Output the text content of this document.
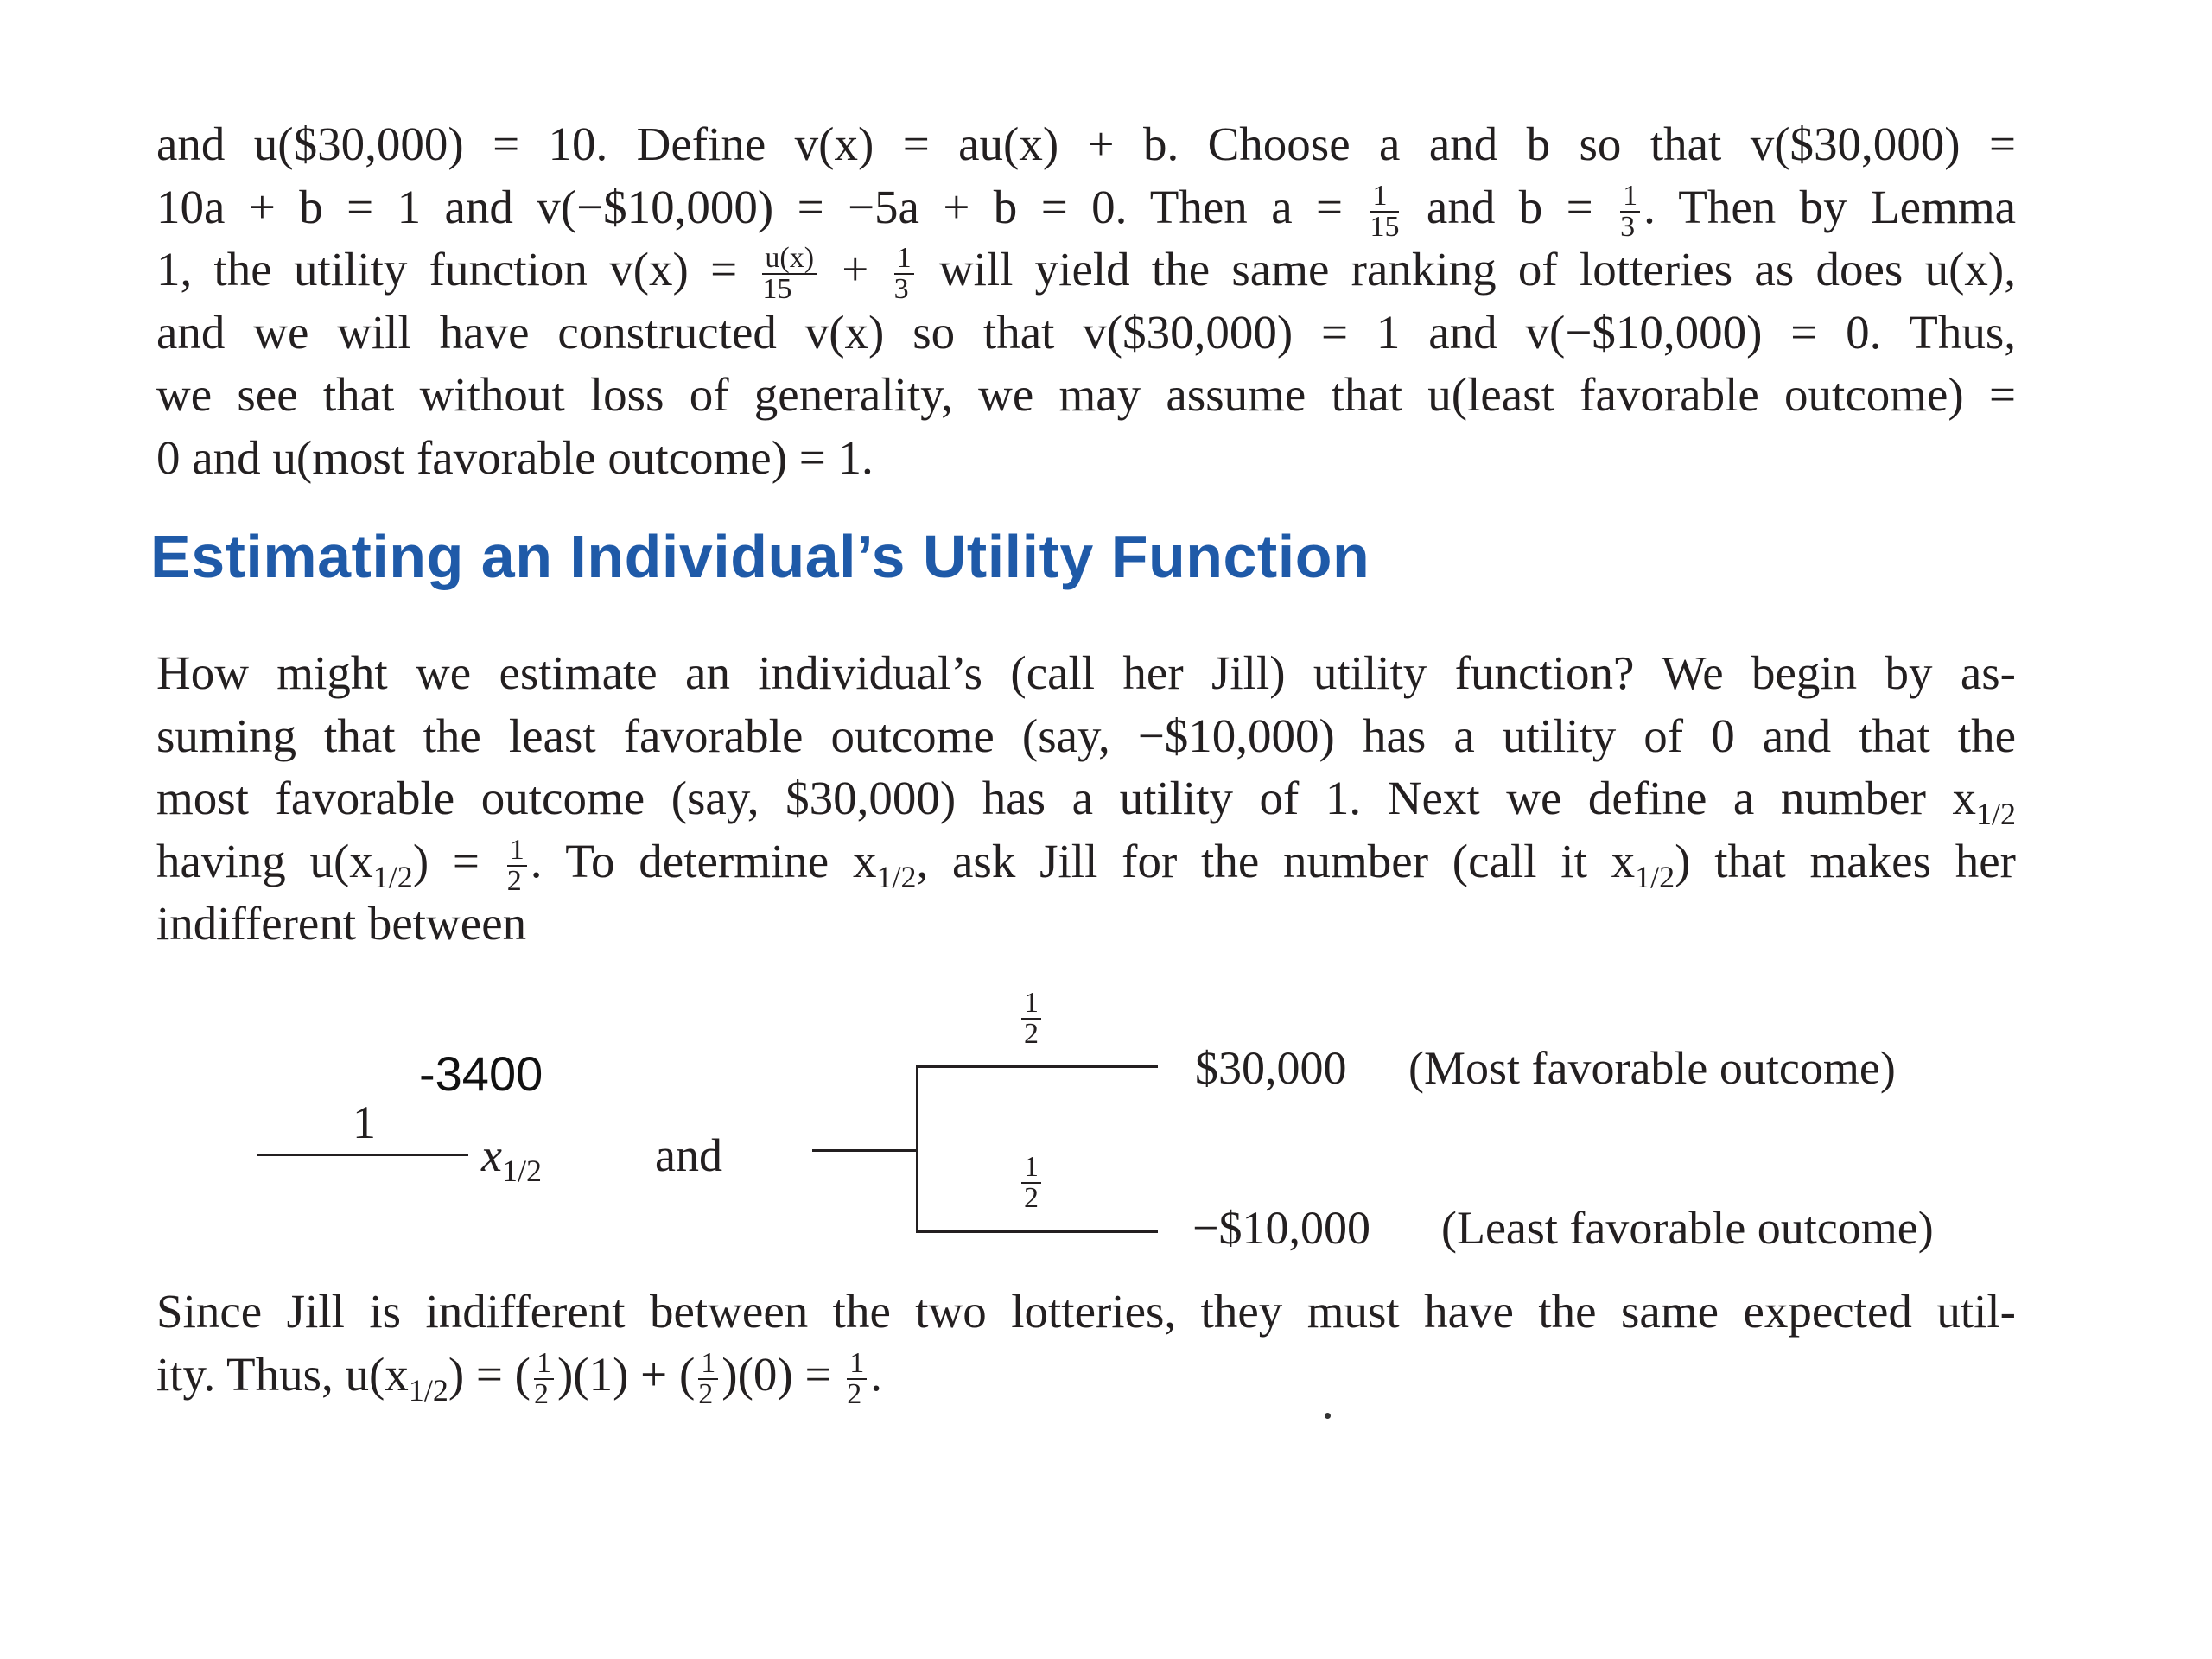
and u($30,000) = 10. Define v(x) = au(x) + b. Choose a and b so that v($30,000) =
10a + b = 1 and v(−$10,000) = −5a + b = 0. Then $a = \frac{1}{15}$ and $b = \frac{1}{3}$ . Then by Lemma
1, the utility function $v(x) = \frac{u(x)}{15} + \frac{1}{3}$ will yield the same ranking of lotteries as does u(x),
and we will have constructed v(x) so that v($30,000) = 1 and v(−$10,000) = 0. Thus,
we see that without loss of generality, we may assume that u(least favorable outcome) =
0 and u(most favorable outcome) = 1.
Estimating an Individual’s Utility Function
How might we estimate an individual’s (call her Jill) utility function? We begin by as-
suming that the least favorable outcome (say, −$10,000) has a utility of 0 and that the
most favorable outcome (say, $30,000) has a utility of 1. Next we define a number $x_{1/2}$
having $u(x_{1/2}) = \frac{1}{2}$ . To determine $x_{1/2}$, ask Jill for the number (call it $x_{1/2}$) that makes her
indifferent between
-3400
1
$x_{1/2}$ and
$\frac{1}{2}$
$\frac{1}{2}$
$30,000 (Most favorable outcome)
−$10,000 (Least favorable outcome)
Since Jill is indifferent between the two lotteries, they must have the same expected util-
ity. Thus, $u(x_{1/2})$ = ( $\frac{1}{2} )(1)$ + ( $\frac{1}{2} )(0) = \frac{1}{2}$ .
